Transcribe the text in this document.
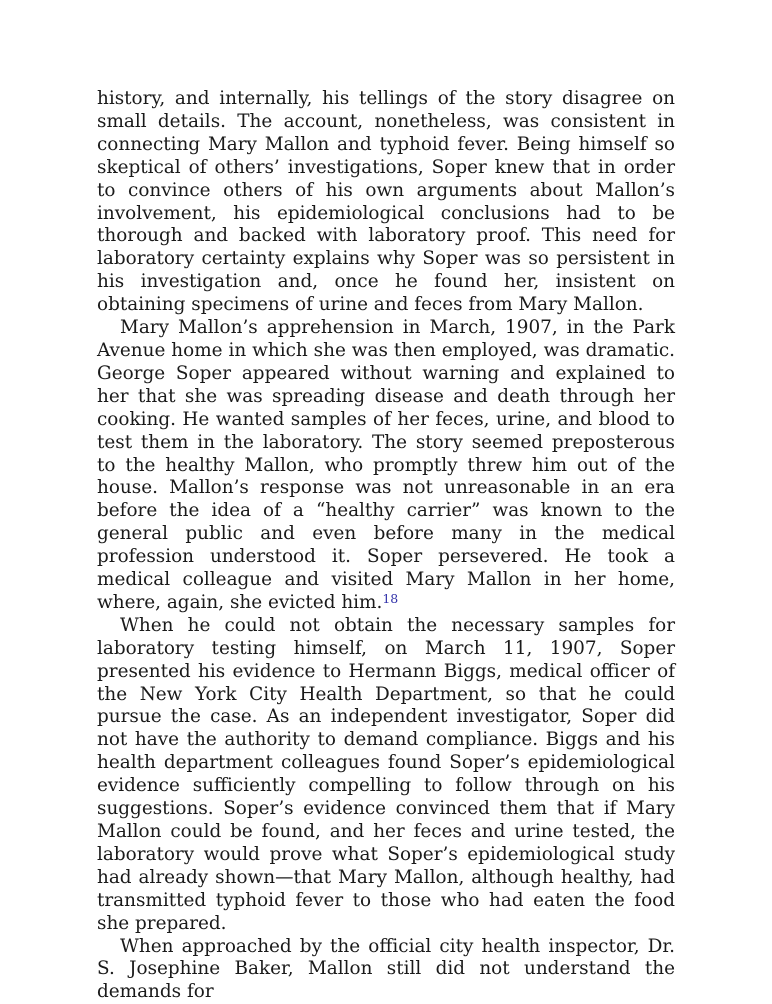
history, and internally, his tellings of the story disagree on small details. The account, nonetheless, was consistent in connecting Mary Mallon and typhoid fever. Being himself so skeptical of others’ investigations, Soper knew that in order to convince others of his own arguments about Mallon’s involvement, his epidemiological conclusions had to be thorough and backed with laboratory proof. This need for laboratory certainty explains why Soper was so persistent in his investigation and, once he found her, insistent on obtaining specimens of urine and feces from Mary Mallon.

Mary Mallon’s apprehension in March, 1907, in the Park Avenue home in which she was then employed, was dramatic. George Soper appeared without warning and explained to her that she was spreading disease and death through her cooking. He wanted samples of her feces, urine, and blood to test them in the laboratory. The story seemed preposterous to the healthy Mallon, who promptly threw him out of the house. Mallon’s response was not unreasonable in an era before the idea of a “healthy carrier” was known to the general public and even before many in the medical profession understood it. Soper persevered. He took a medical colleague and visited Mary Mallon in her home, where, again, she evicted him.$^{18}$

When he could not obtain the necessary samples for laboratory testing himself, on March 11, 1907, Soper presented his evidence to Hermann Biggs, medical officer of the New York City Health Department, so that he could pursue the case. As an independent investigator, Soper did not have the authority to demand compliance. Biggs and his health department colleagues found Soper’s epidemiological evidence sufficiently compelling to follow through on his suggestions. Soper’s evidence convinced them that if Mary Mallon could be found, and her feces and urine tested, the laboratory would prove what Soper’s epidemiological study had already shown—that Mary Mallon, although healthy, had transmitted typhoid fever to those who had eaten the food she prepared.

When approached by the official city health inspector, Dr. S. Josephine Baker, Mallon still did not understand the demands for
